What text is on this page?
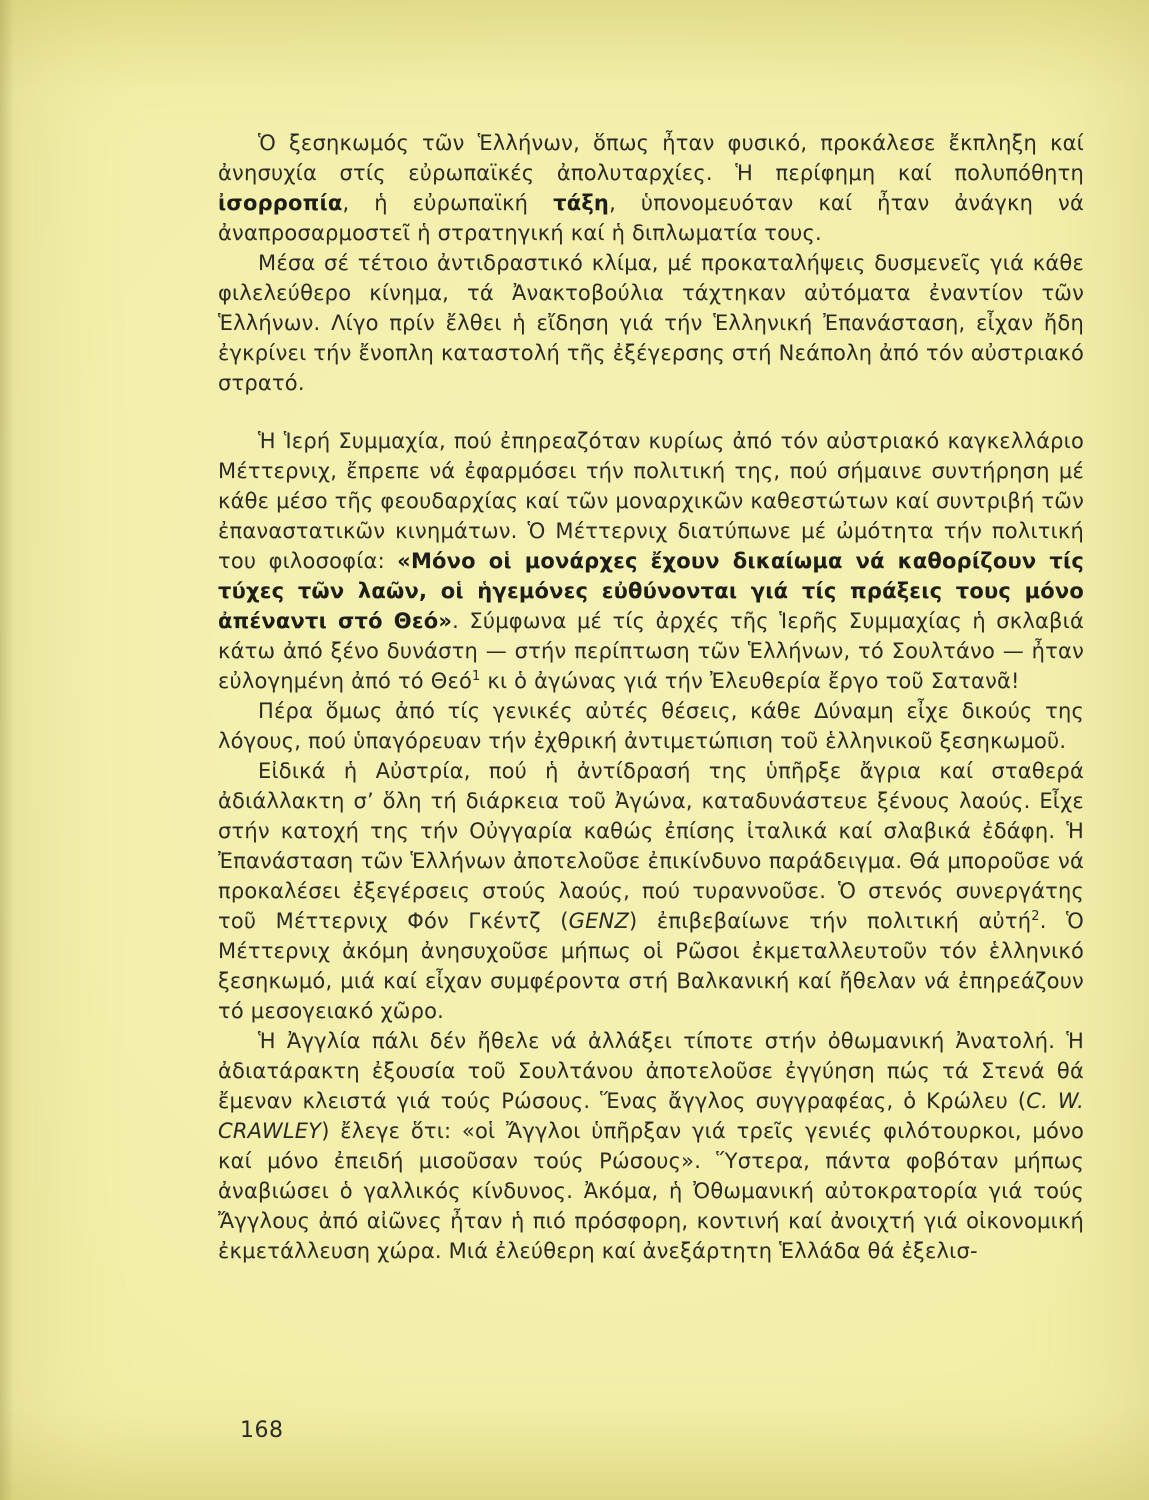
Ὁ ξεσηκωμός τῶν Ἑλλήνων, ὅπως ἦταν φυσικό, προκάλεσε ἔκπληξη καί ἀνησυχία στίς εὐρωπαϊκές ἀπολυταρχίες. Ἡ περίφημη καί πολυπόθητη ἰσορροπία, ἡ εὐρωπαϊκή τάξη, ὑπονομευόταν καί ἦταν ἀνάγκη νά ἀναπροσαρμοστεῖ ἡ στρατηγική καί ἡ διπλωματία τους.

Μέσα σέ τέτοιο ἀντιδραστικό κλίμα, μέ προκαταλήψεις δυσμενεῖς γιά κάθε φιλελεύθερο κίνημα, τά Ἀνακτοβούλια τάχτηκαν αὐτόματα ἐναντίον τῶν Ἑλλήνων. Λίγο πρίν ἔλθει ἡ εἴδηση γιά τήν Ἑλληνική Ἐπανάσταση, εἶχαν ἤδη ἐγκρίνει τήν ἔνοπλη καταστολή τῆς ἐξέγερσης στή Νεάπολη ἀπό τόν αὐστριακό στρατό.

Ἡ Ἱερή Συμμαχία, πού ἐπηρεαζόταν κυρίως ἀπό τόν αὐστριακό καγκελλάριο Μέττερνιχ, ἔπρεπε νά ἐφαρμόσει τήν πολιτική της, πού σήμαινε συντήρηση μέ κάθε μέσο τῆς φεουδαρχίας καί τῶν μοναρχικῶν καθεστώτων καί συντριβή τῶν ἐπαναστατικῶν κινημάτων. Ὁ Μέττερνιχ διατύπωνε μέ ὠμότητα τήν πολιτική του φιλοσοφία: «Μόνο οἱ μονάρχες ἔχουν δικαίωμα νά καθορίζουν τίς τύχες τῶν λαῶν, οἱ ἡγεμόνες εὐθύνονται γιά τίς πράξεις τους μόνο ἀπέναντι στό Θεό». Σύμφωνα μέ τίς ἀρχές τῆς Ἱερῆς Συμμαχίας ἡ σκλαβιά κάτω ἀπό ξένο δυνάστη — στήν περίπτωση τῶν Ἑλλήνων, τό Σουλτάνο — ἦταν εὐλογημένη ἀπό τό Θεό$^1$ κι ὁ ἀγώνας γιά τήν Ἐλευθερία ἔργο τοῦ Σατανᾶ!

Πέρα ὅμως ἀπό τίς γενικές αὐτές θέσεις, κάθε Δύναμη εἶχε δικούς της λόγους, πού ὑπαγόρευαν τήν ἐχθρική ἀντιμετώπιση τοῦ ἑλληνικοῦ ξεσηκωμοῦ.

Εἰδικά ἡ Αὐστρία, πού ἡ ἀντίδρασή της ὑπῆρξε ἄγρια καί σταθερά ἀδιάλλακτη σ’ ὅλη τή διάρκεια τοῦ Ἀγώνα, καταδυνάστευε ξένους λαούς. Εἶχε στήν κατοχή της τήν Οὐγγαρία καθώς ἐπίσης ἰταλικά καί σλαβικά ἐδάφη. Ἡ Ἐπανάσταση τῶν Ἑλλήνων ἀποτελοῦσε ἐπικίνδυνο παράδειγμα. Θά μποροῦσε νά προκαλέσει ἐξεγέρσεις στούς λαούς, πού τυραννοῦσε. Ὁ στενός συνεργάτης τοῦ Μέττερνιχ Φόν Γκέντζ (GENZ) ἐπιβεβαίωνε τήν πολιτική αὐτή$^2$. Ὁ Μέττερνιχ ἀκόμη ἀνησυχοῦσε μήπως οἱ Ρῶσοι ἐκμεταλλευτοῦν τόν ἑλληνικό ξεσηκωμό, μιά καί εἶχαν συμφέροντα στή Βαλκανική καί ἤθελαν νά ἐπηρεάζουν τό μεσογειακό χῶρο.

Ἡ Ἀγγλία πάλι δέν ἤθελε νά ἀλλάξει τίποτε στήν ὀθωμανική Ἀνατολή. Ἡ ἀδιατάρακτη ἐξουσία τοῦ Σουλτάνου ἀποτελοῦσε ἐγγύηση πώς τά Στενά θά ἔμεναν κλειστά γιά τούς Ρώσους. Ἕνας ἄγγλος συγγραφέας, ὁ Κρώλευ (C. W. CRAWLEY) ἔλεγε ὅτι: «οἱ Ἄγγλοι ὑπῆρξαν γιά τρεῖς γενιές φιλότουρκοι, μόνο καί μόνο ἐπειδή μισοῦσαν τούς Ρώσους». Ὕστερα, πάντα φοβόταν μήπως ἀναβιώσει ὁ γαλλικός κίνδυνος. Ἀκόμα, ἡ Ὀθωμανική αὐτοκρατορία γιά τούς Ἄγγλους ἀπό αἰῶνες ἦταν ἡ πιό πρόσφορη, κοντινή καί ἀνοιχτή γιά οἰκονομική ἐκμετάλλευση χώρα. Μιά ἐλεύθερη καί ἀνεξάρτητη Ἑλλάδα θά ἐξελισ-

168
